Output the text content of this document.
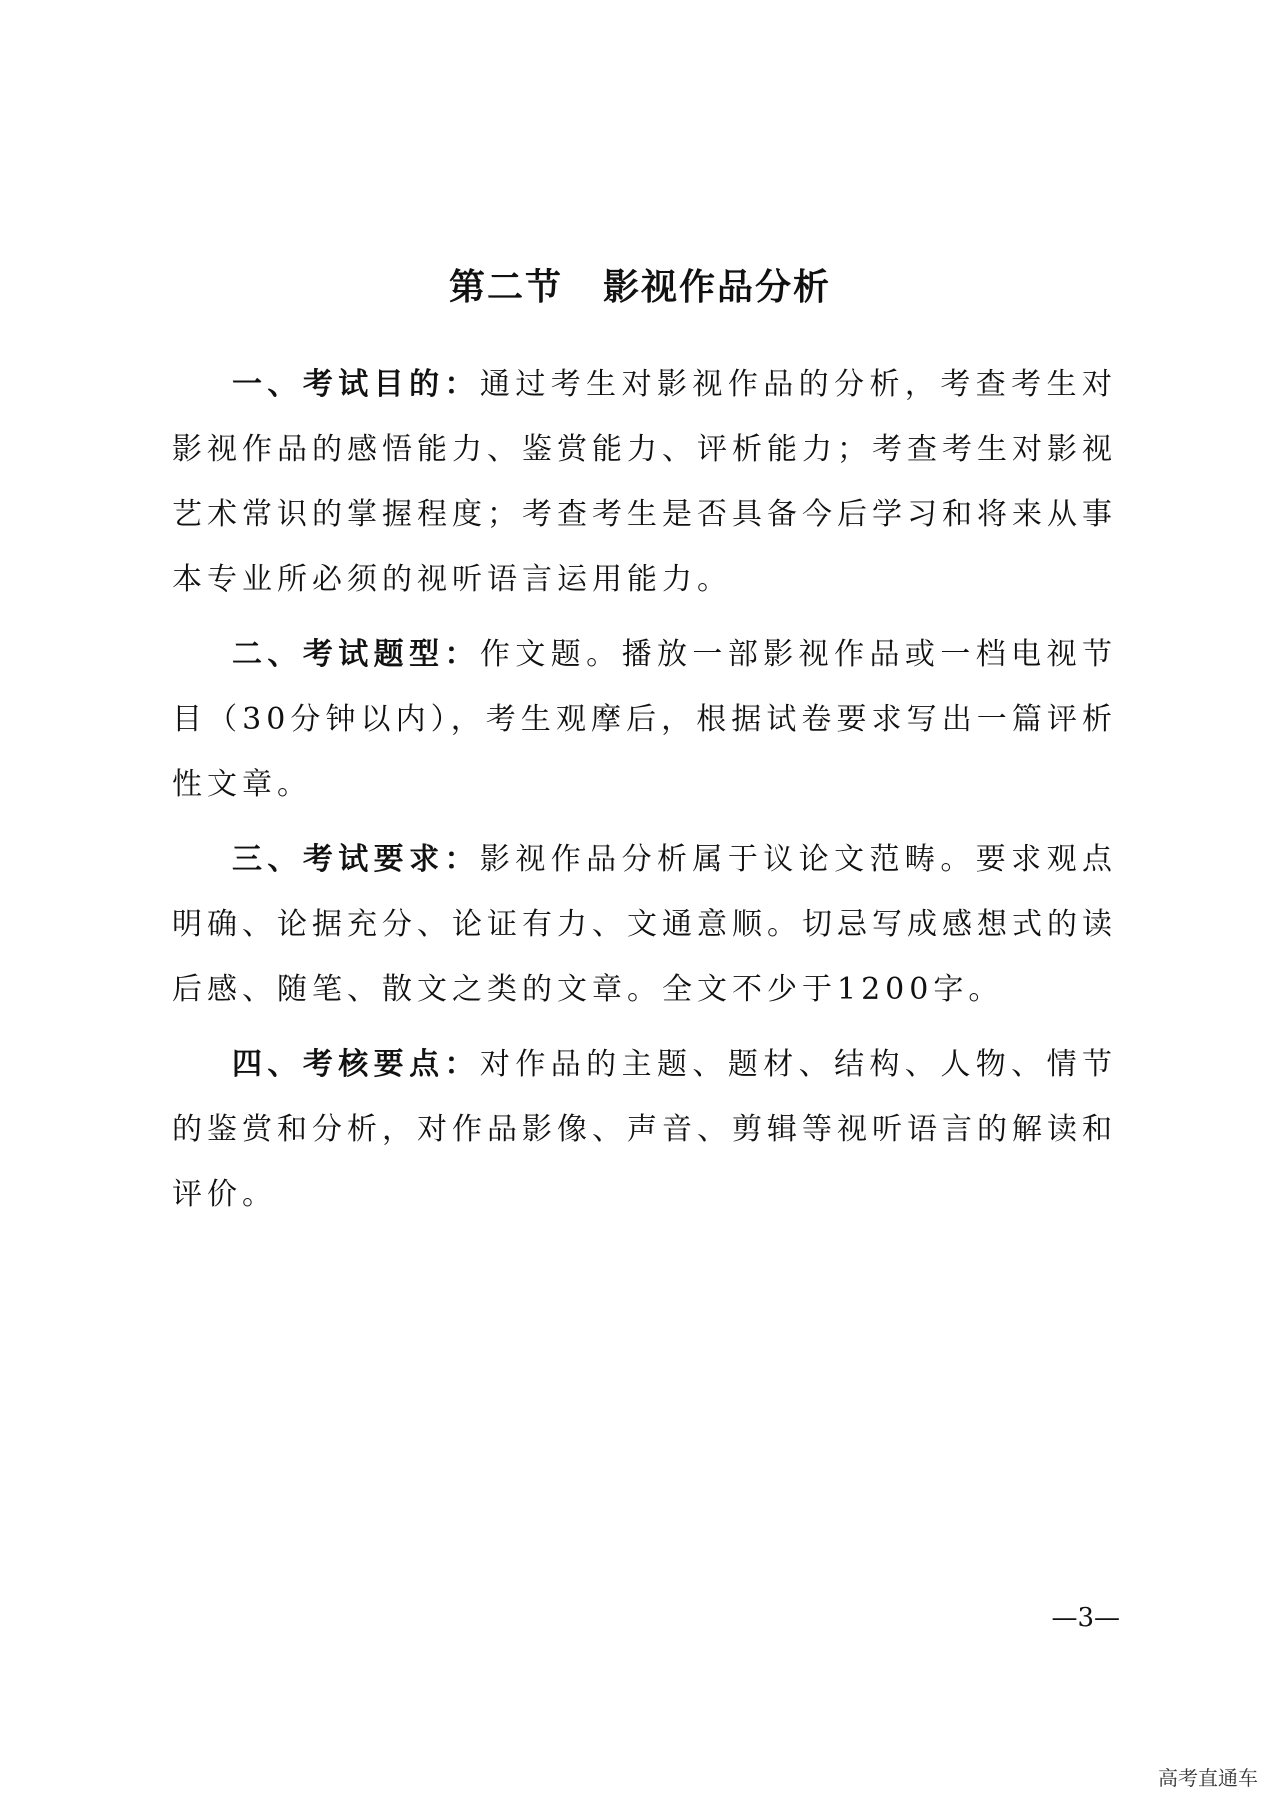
第二节 影视作品分析

一、考试目的：通过考生对影视作品的分析，考查考生对影视作品的感悟能力、鉴赏能力、评析能力；考查考生对影视艺术常识的掌握程度；考查考生是否具备今后学习和将来从事本专业所必须的视听语言运用能力。

二、考试题型：作文题。播放一部影视作品或一档电视节目（30分钟以内），考生观摩后，根据试卷要求写出一篇评析性文章。

三、考试要求：影视作品分析属于议论文范畴。要求观点明确、论据充分、论证有力、文通意顺。切忌写成感想式的读后感、随笔、散文之类的文章。全文不少于1200字。

四、考核要点：对作品的主题、题材、结构、人物、情节的鉴赏和分析，对作品影像、声音、剪辑等视听语言的解读和评价。

—3—
高考直通车
